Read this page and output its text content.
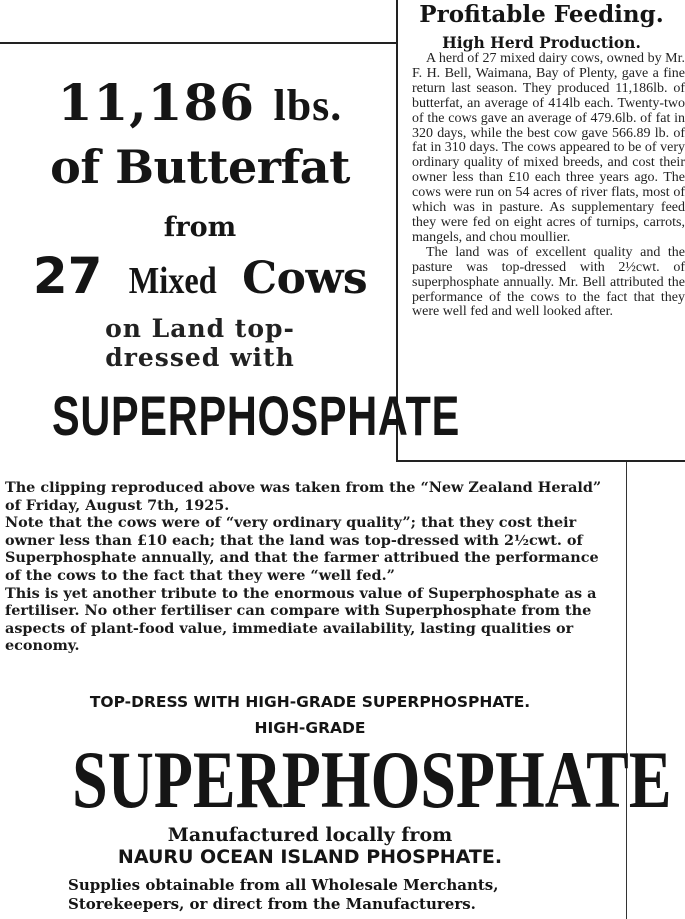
11,186 lbs.
of Butterfat
from
27 Mixed Cows
on Land top-
dressed with
SUPERPHOSPHATE
Profitable Feeding.
High Herd Production.

A herd of 27 mixed dairy cows, owned by Mr. F. H. Bell, Waimana, Bay of Plenty, gave a fine return last season. They produced 11,186lb. of butterfat, an average of 414lb each. Twenty-two of the cows gave an average of 479.6lb. of fat in 320 days, while the best cow gave 566.89 lb. of fat in 310 days. The cows appeared to be of very ordinary quality of mixed breeds, and cost their owner less than £10 each three years ago. The cows were run on 54 acres of river flats, most of which was in pasture. As supplementary feed they were fed on eight acres of turnips, carrots, mangels, and chou moullier.

The land was of excellent quality and the pasture was top-dressed with 2½cwt. of superphosphate annually. Mr. Bell attributed the performance of the cows to the fact that they were well fed and well looked after.

The clipping reproduced above was taken from the “New Zealand Herald” of Friday, August 7th, 1925.

Note that the cows were of “very ordinary quality”; that they cost their owner less than £10 each; that the land was top-dressed with 2½cwt. of Superphosphate annually, and that the farmer attribued the performance of the cows to the fact that they were “well fed.”

This is yet another tribute to the enormous value of Superphosphate as a fertiliser. No other fertiliser can compare with Superphosphate from the aspects of plant-food value, immediate availability, lasting qualities or economy.

TOP-DRESS WITH HIGH-GRADE SUPERPHOSPHATE.
HIGH-GRADE
SUPERPHOSPHATE
Manufactured locally from
NAURU OCEAN ISLAND PHOSPHATE.
Supplies obtainable from all Wholesale Merchants,
Storekeepers, or direct from the Manufacturers.
